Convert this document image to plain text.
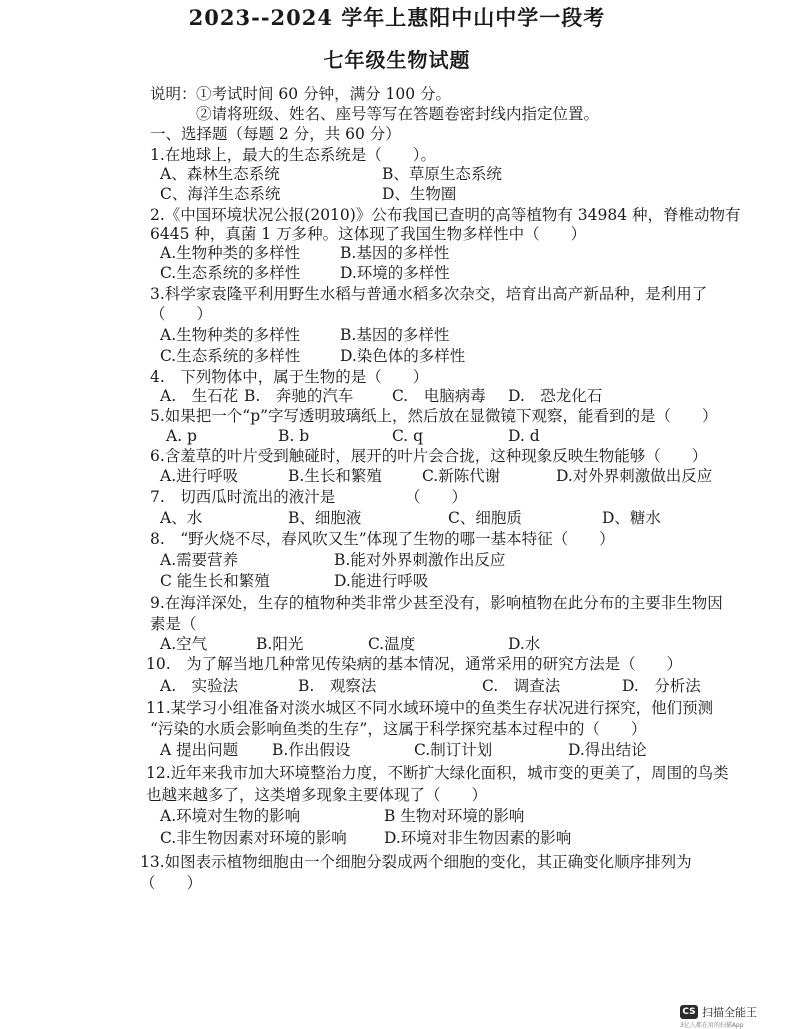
2023--2024 学年上惠阳中山中学一段考
七年级生物试题
说明： ①考试时间 60 分钟，满分 100 分。
②请将班级、姓名、座号等写在答题卷密封线内指定位置。
一、选择题（每题 2 分，共 60 分）
1.在地球上，最大的生态系统是（　　）。
A、森林生态系统	B、草原生态系统
C、海洋生态系统	D、生物圈
2.《中国环境状况公报(2010)》公布我国已查明的高等植物有 34984 种，脊椎动物有
6445 种，真菌 1 万多种。这体现了我国生物多样性中（　　）
A.生物种类的多样性	B.基因的多样性
C.生态系统的多样性	D.环境的多样性
3.科学家袁隆平利用野生水稻与普通水稻多次杂交，培育出高产新品种，是利用了
（　　）
A.生物种类的多样性	B.基因的多样性
C.生态系统的多样性	D.染色体的多样性
4.　下列物体中，属于生物的是（　　）
A.　生石花 B.　奔驰的汽车 C.　电脑病毒 D.　恐龙化石
5.如果把一个“p”字写透明玻璃纸上，然后放在显微镜下观察，能看到的是（　　）
A. p	B. b	C. q	D. d
6.含羞草的叶片受到触碰时，展开的叶片会合拢，这种现象反映生物能够（　　）
A.进行呼吸	B.生长和繁殖	C.新陈代谢	D.对外界刺激做出反应
7.　切西瓜时流出的液汁是　　　　　（　　）
A、水	B、细胞液	C、细胞质	D、糖水
8.　“野火烧不尽，春风吹又生”体现了生物的哪一基本特征（　　）
A.需要营养	B.能对外界刺激作出反应
C 能生长和繁殖	D.能进行呼吸
9.在海洋深处，生存的植物种类非常少甚至没有，影响植物在此分布的主要非生物因
素是（
A.空气	B.阳光	C.温度	D.水
10.　为了解当地几种常见传染病的基本情况，通常采用的研究方法是（　　）
A.　实验法	B.　观察法	C.　调查法	D.　分析法
11.某学习小组准备对淡水城区不同水域环境中的鱼类生存状况进行探究，他们预测
“污染的水质会影响鱼类的生存”，这属于科学探究基本过程中的（　　）
A 提出问题 B.作出假设	C.制订计划	D.得出结论
12.近年来我市加大环境整治力度，不断扩大绿化面积，城市变的更美了，周围的鸟类
也越来越多了，这类增多现象主要体现了（　　）
A.环境对生物的影响	B 生物对环境的影响
C.非生物因素对环境的影响 D.环境对非生物因素的影响
13.如图表示植物细胞由一个细胞分裂成两个细胞的变化，其正确变化顺序排列为
（　　）
CS 扫描全能王
3亿人都在用的扫描App
